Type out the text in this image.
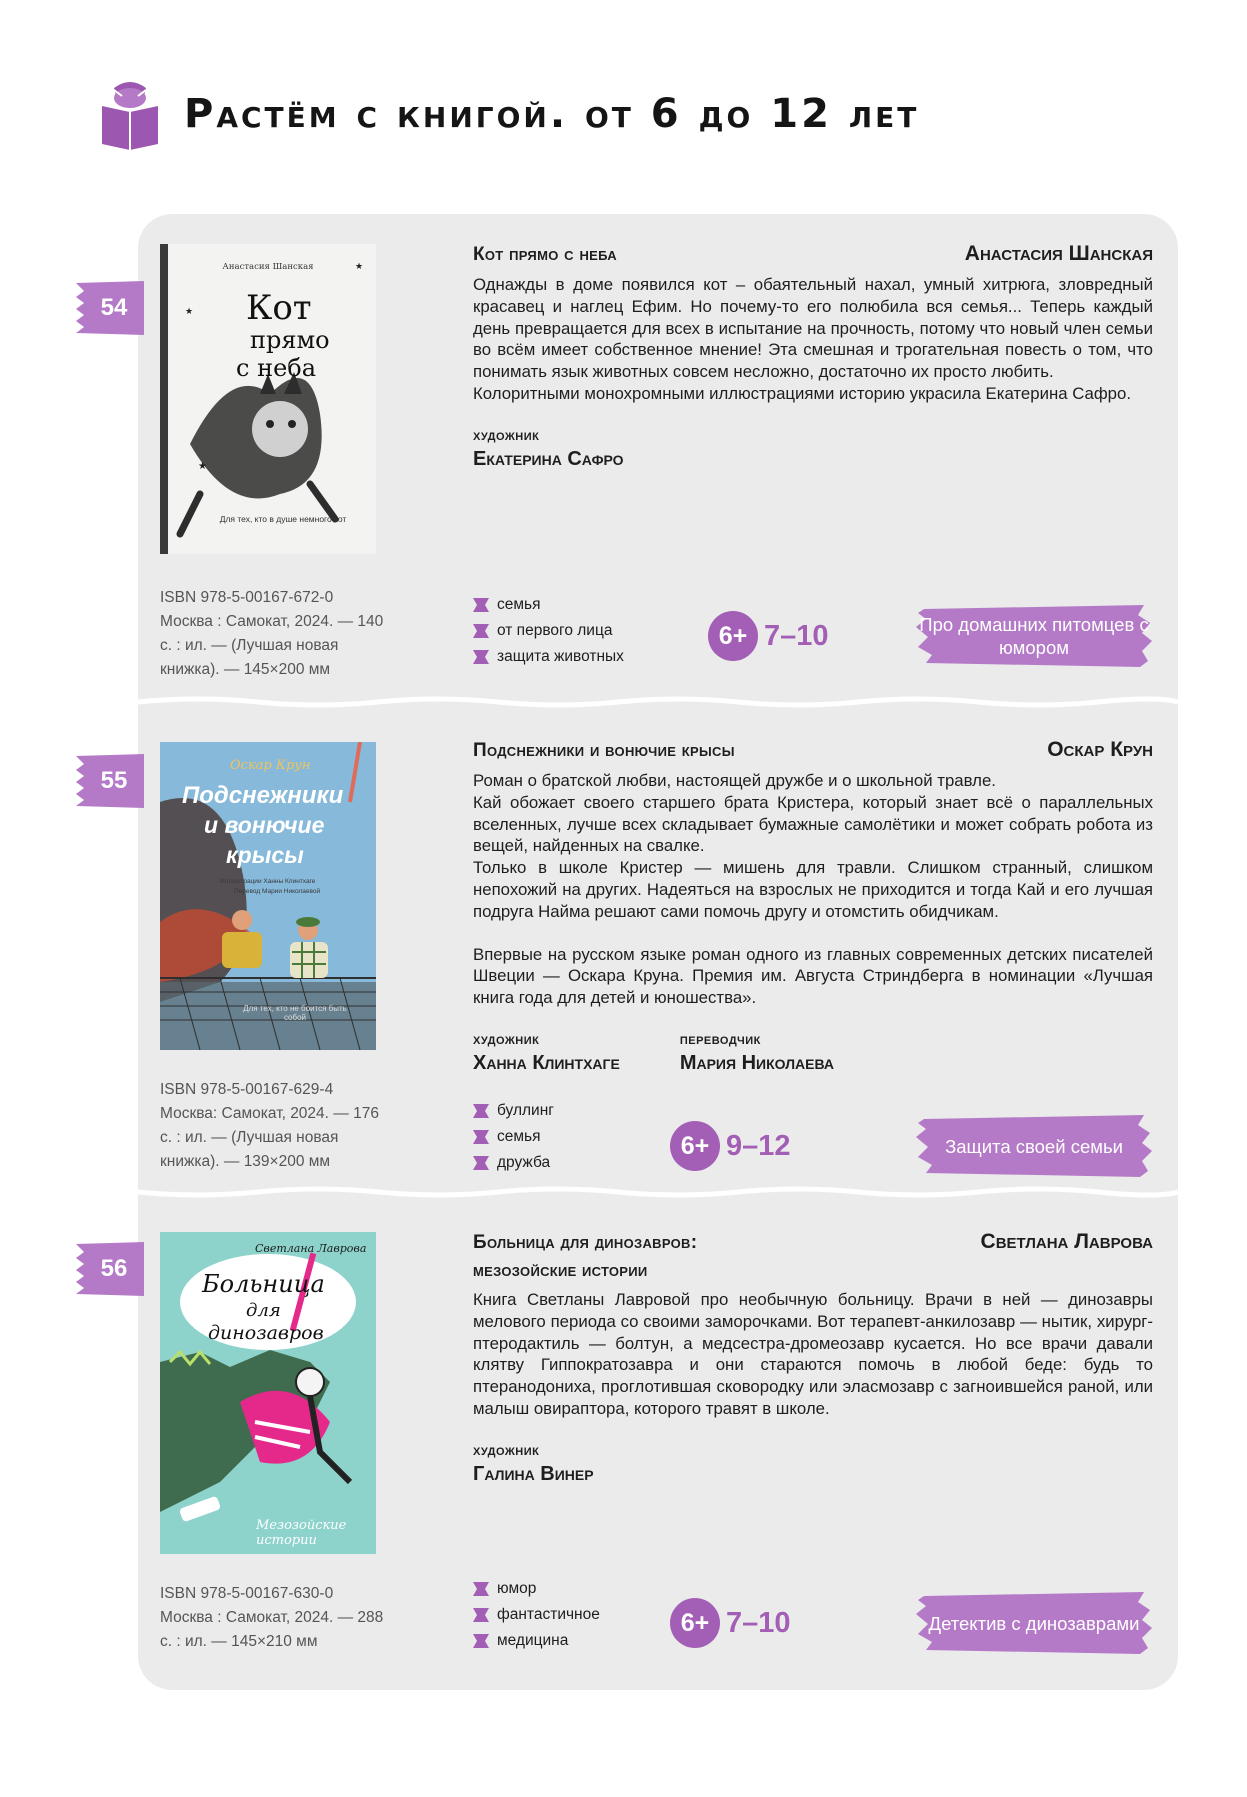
Растём с книгой. от 6 до 12 лет
54	★
★
★
Анастасия Шанская
Кот
прямо
с неба
Для тех, кто в душе немного кот
ISBN 978-5-00167-672-0 Москва : Самокат, 2024. — 140 с. : ил. — (Лучшая новая книжка). — 145×200 мм
Кот прямо с неба	Анастасия Шанская

Однажды в доме появился кот – обаятельный нахал, умный хитрюга, зловредный красавец и наглец Ефим. Но почему-то его полюбила вся семья... Теперь каждый день превращается для всех в испытание на прочность, потому что новый член семьи во всём имеет собственное мнение! Эта смешная и трогательная повесть о том, что понимать язык животных совсем несложно, достаточно их просто любить.

Колоритными монохромными иллюстрациями историю украсила Екатерина Сафро.

художник
Екатерина Сафро
семья
от первого лица
защита животных
6+ 7–10	Про домашних питомцев с юмором
55
Оскар Крун
Подснежники
и вонючие
крысы
Иллюстрации Ханны Клинтхаге
Перевод Марии Николаевой
Для тех, кто не боится быть собой
ISBN 978-5-00167-629-4 Москва: Самокат, 2024. — 176 с. : ил. — (Лучшая новая книжка). — 139×200 мм
Подснежники и вонючие крысы	Оскар Крун

Роман о братской любви, настоящей дружбе и о школьной травле.

Кай обожает своего старшего брата Кристера, который знает всё о параллельных вселенных, лучше всех складывает бумажные самолётики и может собрать робота из вещей, найденных на свалке.

Только в школе Кристер — мишень для травли. Слишком странный, слишком непохожий на других. Надеяться на взрослых не приходится и тогда Кай и его лучшая подруга Найма решают сами помочь другу и отомстить обидчикам.

Впервые на русском языке роман одного из главных современных детских писателей Швеции — Оскара Круна. Премия им. Августа Стриндберга в номинации «Лучшая книга года для детей и юношества».

художник
Ханна Клинтхаге
переводчик
Мария Николаева
буллинг
семья
дружба
6+ 9–12	Защита своей семьи
56
Светлана Лаврова
Больница
для
динозавров
Мезозойские истории
ISBN 978-5-00167-630-0 Москва : Самокат, 2024. — 288 с. : ил. — 145×210 мм
Больница для динозавров:	Светлана Лаврова
мезозойские истории

Книга Светланы Лавровой про необычную больницу. Врачи в ней — динозавры мелового периода со своими заморочками. Вот терапевт-анкилозавр — нытик, хирург-птеродактиль — болтун, а медсестра-дромеозавр кусается. Но все врачи давали клятву Гиппократозавра и они стараются помочь в любой беде: будь то птеранодониха, проглотившая сковородку или эласмозавр с загноившейся раной, или малыш овираптора, которого травят в школе.

художник
Галина Винер
юмор
фантастичное
медицина
6+ 7–10	Детектив с динозаврами
